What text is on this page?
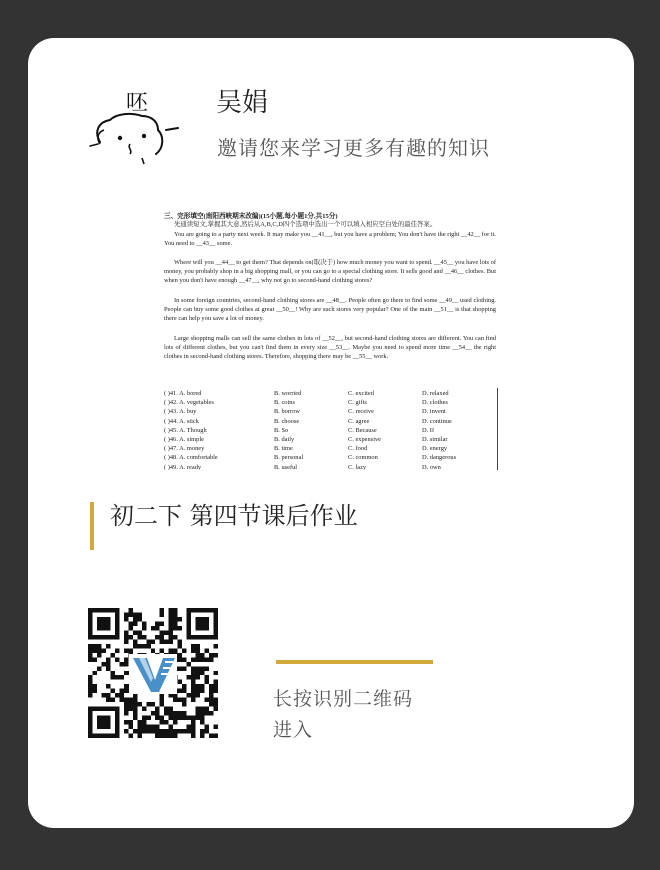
呸	吴娟
邀请您来学习更多有趣的知识
三、完形填空(南阳西峡期末改编)(15小题,每小题1分,共15分)
先通读短文,掌握其大意,然后从A,B,C,D四个选项中选出一个可以填入相应空白处的最佳答案。
You are going to a party next week. It may make you __41__, but you have a problem; You don't have the right __42__ for it. You need to __43__ some.
Where will you __44__ to get them? That depends on(取决于) how much money you want to spend. __45__ you have lots of money, you probably shop in a big shopping mall, or you can go to a special clothing store. It sells good and __46__ clothes. But when you don't have enough __47__, why not go to second-hand clothing stores?
In some foreign countries, second-hand clothing stores are __48__. People often go there to find some __49__ used clothing. People can buy some good clothes at great __50__! Why are such stores very popular? One of the main __51__ is that shopping there can help you save a lot of money.
Large shopping malls can sell the same clothes in lots of __52__, but second-hand clothing stores are different. You can find lots of different clothes, but you can't find them in every size __53__. Maybe you need to spend more time __54__ the right clothes in second-hand clothing stores. Therefore, shopping there may be __55__ work.
( )41. A. bored	B. worried	C. excited	D. relaxed
( )42. A. vegetables	B. coins	C. gifts	D. clothes
( )43. A. buy	B. borrow	C. receive	D. invent
( )44. A. stick	B. choose	C. agree	D. continue
( )45. A. Though	B. So	C. Because	D. If
( )46. A. simple	B. daily	C. expensive	D. similar
( )47. A. money	B. time	C. food	D. energy
( )48. A. comfortable	B. personal	C. common	D. dangerous
( )49. A. ready	B. useful	C. lazy	D. own
初二下 第四节课后作业
长按识别二维码
进入
